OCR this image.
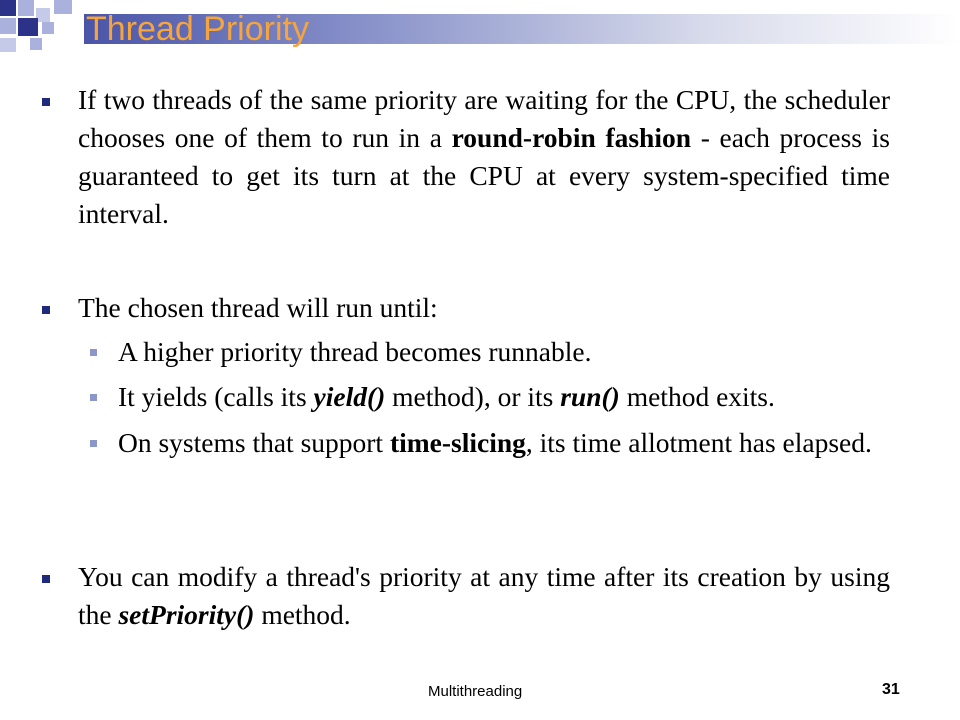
Thread Priority

If two threads of the same priority are waiting for the CPU, the scheduler chooses one of them to run in a round-robin fashion - each process is guaranteed to get its turn at the CPU at every system-specified time interval.

The chosen thread will run until:

A higher priority thread becomes runnable.

It yields (calls its yield() method), or its run() method exits.

On systems that support time-slicing, its time allotment has elapsed.

You can modify a thread's priority at any time after its creation by using the setPriority() method.

Multithreading	31
